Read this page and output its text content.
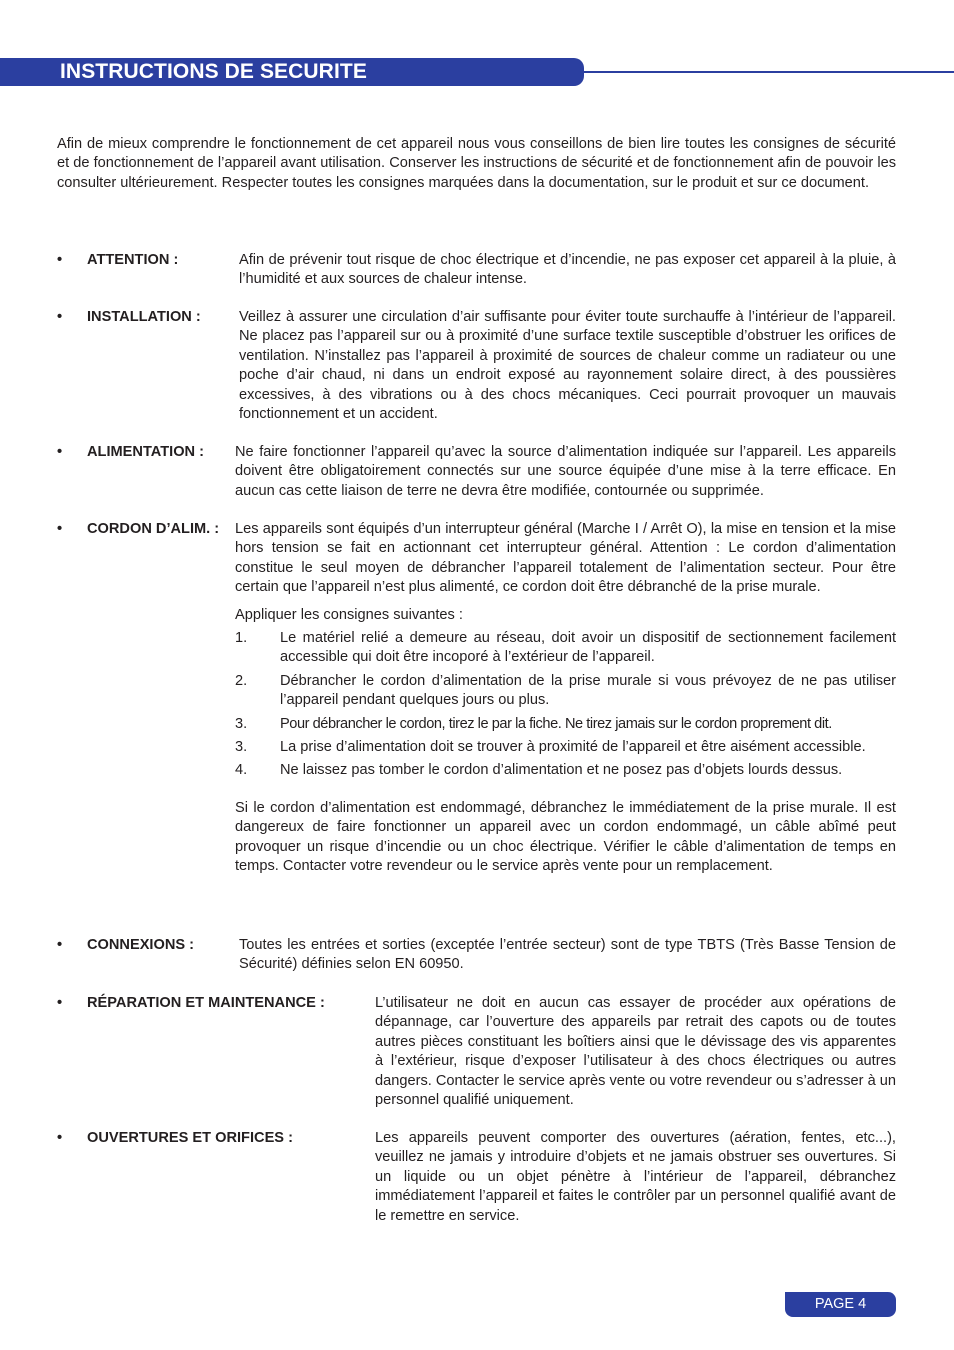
INSTRUCTIONS DE SECURITE

Afin de mieux comprendre le fonctionnement de cet appareil nous vous conseillons de bien lire toutes les consignes de sécurité et de fonctionnement de l’appareil avant utilisation. Conserver les instructions de sécurité et de fonctionnement afin de pouvoir les consulter ultérieurement. Respecter toutes les consignes marquées dans la documentation, sur le produit et sur ce document.

• ATTENTION :	Afin de prévenir tout risque de choc électrique et d’incendie, ne pas exposer cet appareil à la pluie, à l’humidité et aux sources de chaleur intense.

• INSTALLATION :	Veillez à assurer une circulation d’air suffisante pour éviter toute surchauffe à l’intérieur de l’appareil. Ne placez pas l’appareil sur ou à proximité d’une surface textile susceptible d’obstruer les orifices de ventilation. N’installez pas l’appareil à proximité de sources de chaleur comme un radiateur ou une poche d’air chaud, ni dans un endroit exposé au rayonnement solaire direct, à des poussières excessives, à des vibrations ou à des chocs mécaniques. Ceci pourrait provoquer un mauvais fonctionnement et un accident.

• ALIMENTATION : Ne faire fonctionner l’appareil qu’avec la source d’alimentation indiquée sur l’appareil. Les appareils doivent être obligatoirement connectés sur une source équipée d’une mise à la terre efficace. En aucun cas cette liaison de terre ne devra être modifiée, contournée ou supprimée.

• CORDON D’ALIM. : Les appareils sont équipés d’un interrupteur général (Marche I / Arrêt O), la mise en tension et la mise hors tension se fait en actionnant cet interrupteur général. Attention : Le cordon d’alimentation constitue le seul moyen de débrancher l’appareil totalement de l’alimentation secteur. Pour être certain que l’appareil n’est plus alimenté, ce cordon doit être débranché de la prise murale.

Appliquer les consignes suivantes :

1. Le matériel relié a demeure au réseau, doit avoir un dispositif de sectionnement facilement accessible qui doit être incoporé à l’extérieur de l’appareil.
2. Débrancher le cordon d’alimentation de la prise murale si vous prévoyez de ne pas utiliser l’appareil pendant quelques jours ou plus.
3. Pour débrancher le cordon, tirez le par la fiche. Ne tirez jamais sur le cordon proprement dit.
3. La prise d’alimentation doit se trouver à proximité de l’appareil et être aisément accessible.
4. Ne laissez pas tomber le cordon d’alimentation et ne posez pas d’objets lourds dessus.

Si le cordon d’alimentation est endommagé, débranchez le immédiatement de la prise murale. Il est dangereux de faire fonctionner un appareil avec un cordon endommagé, un câble abîmé peut provoquer un risque d’incendie ou un choc électrique. Vérifier le câble d’alimentation de temps en temps. Contacter votre revendeur ou le service après vente pour un remplacement.

• CONNEXIONS :	Toutes les entrées et sorties (exceptée l’entrée secteur) sont de type TBTS (Très Basse Tension de Sécurité) définies selon EN 60950.

• RÉPARATION ET MAINTENANCE :	L’utilisateur ne doit en aucun cas essayer de procéder aux opérations de dépannage, car l’ouverture des appareils par retrait des capots ou de toutes autres pièces constituant les boîtiers ainsi que le dévissage des vis apparentes à l’extérieur, risque d’exposer l’utilisateur à des chocs électriques ou autres dangers. Contacter le service après vente ou votre revendeur ou s’adresser à un personnel qualifié uniquement.

• OUVERTURES ET ORIFICES :	Les appareils peuvent comporter des ouvertures (aération, fentes, etc...), veuillez ne jamais y introduire d’objets et ne jamais obstruer ses ouvertures. Si un liquide ou un objet pénètre à l’intérieur de l’appareil, débranchez immédiatement l’appareil et faites le contrôler par un personnel qualifié avant de le remettre en service.

PAGE 4
